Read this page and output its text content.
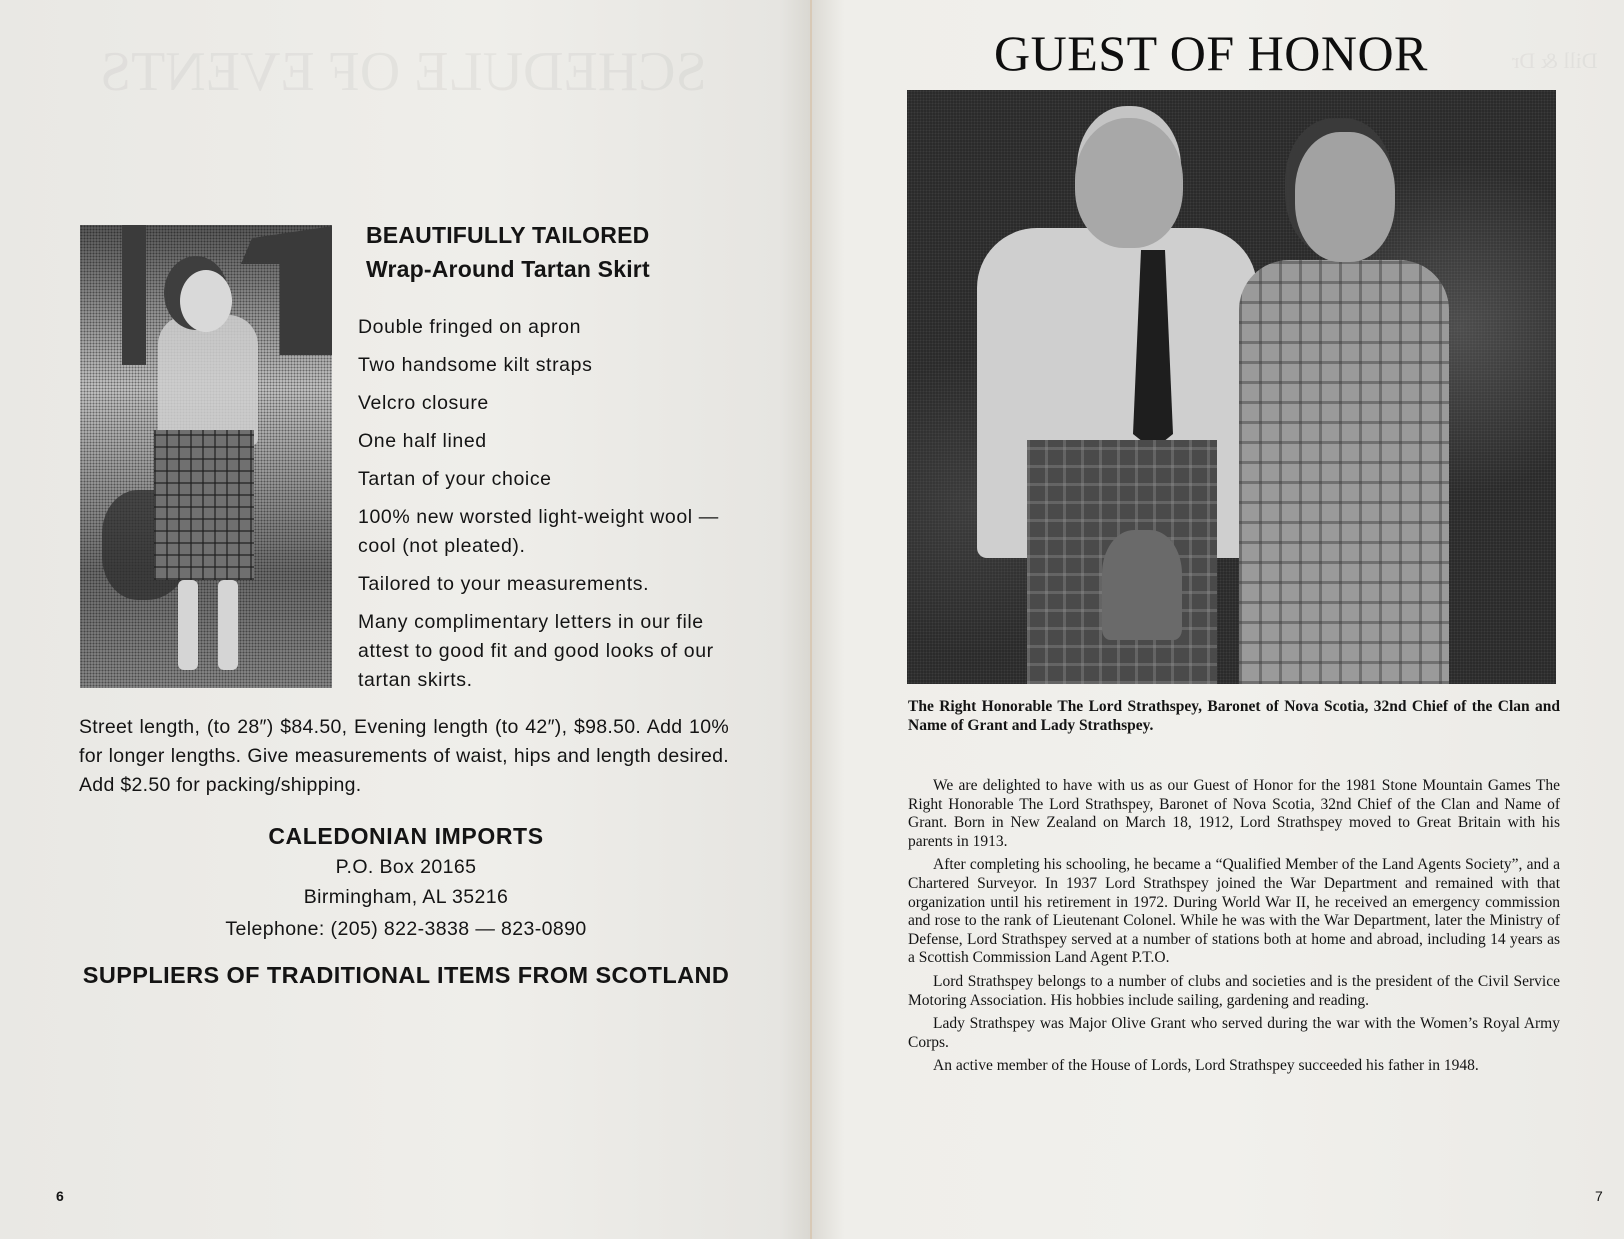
BEAUTIFULLY TAILORED
Wrap-Around Tartan Skirt
Double fringed on apron
Two handsome kilt straps
Velcro closure
One half lined
Tartan of your choice
100% new worsted light-weight wool — cool (not pleated).
Tailored to your measurements.
Many complimentary letters in our file attest to good fit and good looks of our tartan skirts.
Street length, (to 28″) $84.50, Evening length (to 42″), $98.50. Add 10% for longer lengths. Give measurements of waist, hips and length desired. Add $2.50 for packing/shipping.
CALEDONIAN IMPORTS
P.O. Box 20165
Birmingham, AL 35216
Telephone: (205) 822-3838 — 823-0890
SUPPLIERS OF TRADITIONAL ITEMS FROM SCOTLAND
6
GUEST OF HONOR
The Right Honorable The Lord Strathspey, Baronet of Nova Scotia, 32nd Chief of the Clan and Name of Grant and Lady Strathspey.

We are delighted to have with us as our Guest of Honor for the 1981 Stone Mountain Games The Right Honorable The Lord Strathspey, Baronet of Nova Scotia, 32nd Chief of the Clan and Name of Grant. Born in New Zealand on March 18, 1912, Lord Strathspey moved to Great Britain with his parents in 1913.

After completing his schooling, he became a “Qualified Member of the Land Agents Society”, and a Chartered Surveyor. In 1937 Lord Strathspey joined the War Department and remained with that organization until his retirement in 1972. During World War II, he received an emergency commission and rose to the rank of Lieutenant Colonel. While he was with the War Department, later the Ministry of Defense, Lord Strathspey served at a number of stations both at home and abroad, including 14 years as a Scottish Commission Land Agent P.T.O.

Lord Strathspey belongs to a number of clubs and societies and is the president of the Civil Service Motoring Association. His hobbies include sailing, gardening and reading.

Lady Strathspey was Major Olive Grant who served during the war with the Women’s Royal Army Corps.

An active member of the House of Lords, Lord Strathspey succeeded his father in 1948.

7
